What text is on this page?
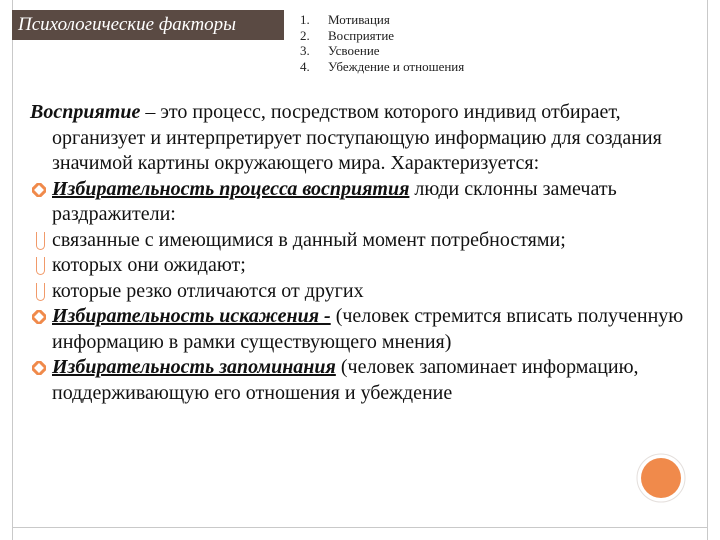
Психологические факторы	1.	Мотивация
2.	Восприятие
3.	Усвоение
4.	Убеждение и отношения
Восприятие – это процесс, посредством которого индивид отбирает, организует и интерпретирует поступающую информацию для создания значимой картины окружающего мира. Характеризуется:
Избирательность процесса восприятия люди склонны замечать раздражители:
связанные с имеющимися в данный момент потребностями;
которых они ожидают;
которые резко отличаются от других
Избирательность искажения - (человек стремится вписать полученную информацию в рамки существующего мнения)
Избирательность запоминания (человек запоминает информацию, поддерживающую его отношения и убеждение
